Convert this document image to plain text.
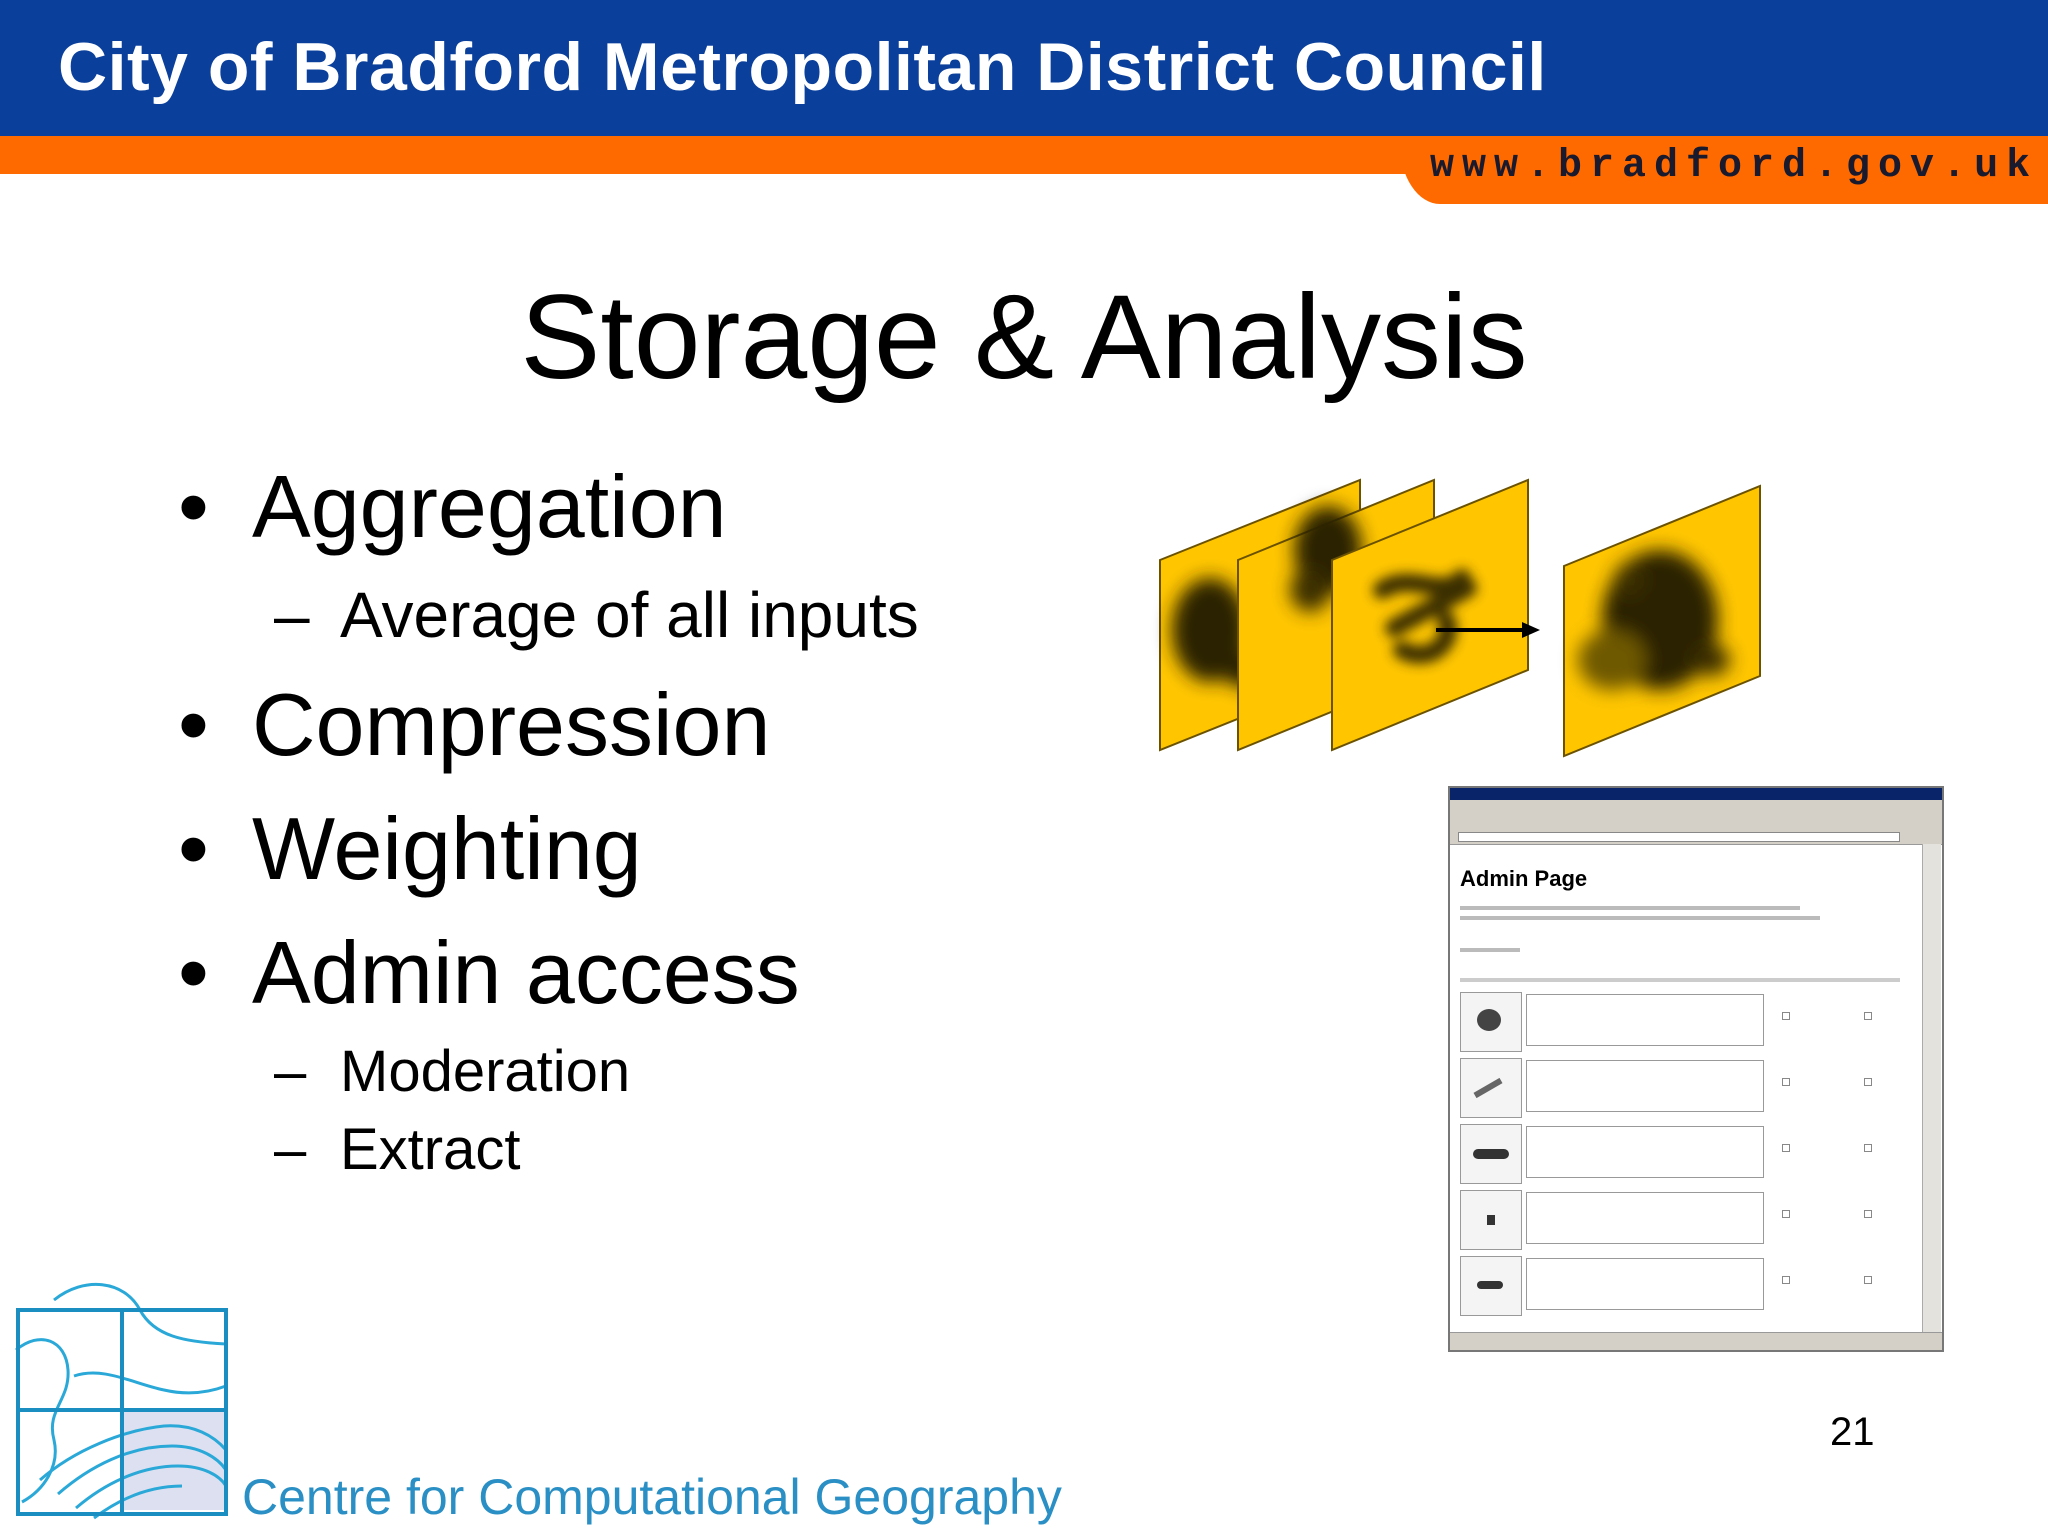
City of Bradford Metropolitan District Council
www.bradford.gov.uk
Storage & Analysis
• Aggregation
– Average of all inputs
• Compression
• Weighting
• Admin access
– Moderation
– Extract
Admin Page
21
Centre for Computational Geography
